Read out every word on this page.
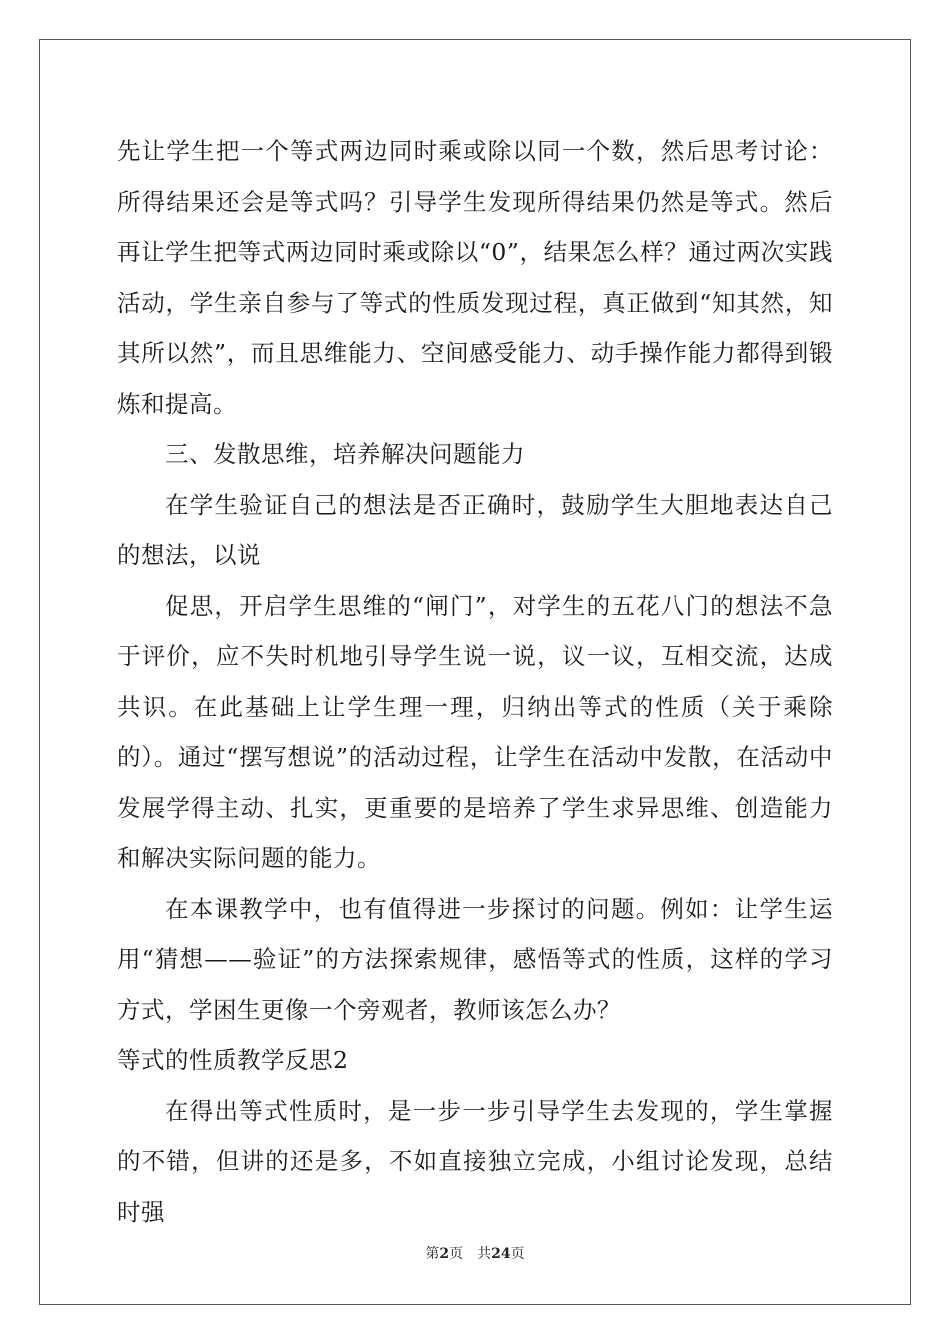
先让学生把一个等式两边同时乘或除以同一个数，然后思考讨论：所得结果还会是等式吗？引导学生发现所得结果仍然是等式。然后再让学生把等式两边同时乘或除以“0”，结果怎么样？通过两次实践活动，学生亲自参与了等式的性质发现过程，真正做到“知其然，知其所以然”，而且思维能力、空间感受能力、动手操作能力都得到锻炼和提高。

三、发散思维，培养解决问题能力

在学生验证自己的想法是否正确时，鼓励学生大胆地表达自己的想法，以说

促思，开启学生思维的“闸门”，对学生的五花八门的想法不急于评价，应不失时机地引导学生说一说，议一议，互相交流，达成共识。在此基础上让学生理一理，归纳出等式的性质（关于乘除的）。通过“摆写想说”的活动过程，让学生在活动中发散，在活动中发展学得主动、扎实，更重要的是培养了学生求异思维、创造能力和解决实际问题的能力。

在本课教学中，也有值得进一步探讨的问题。例如：让学生运用“猜想——验证”的方法探索规律，感悟等式的性质，这样的学习方式，学困生更像一个旁观者，教师该怎么办？

等式的性质教学反思2

在得出等式性质时，是一步一步引导学生去发现的，学生掌握的不错，但讲的还是多，不如直接独立完成，小组讨论发现，总结时强

第2页　共24页
